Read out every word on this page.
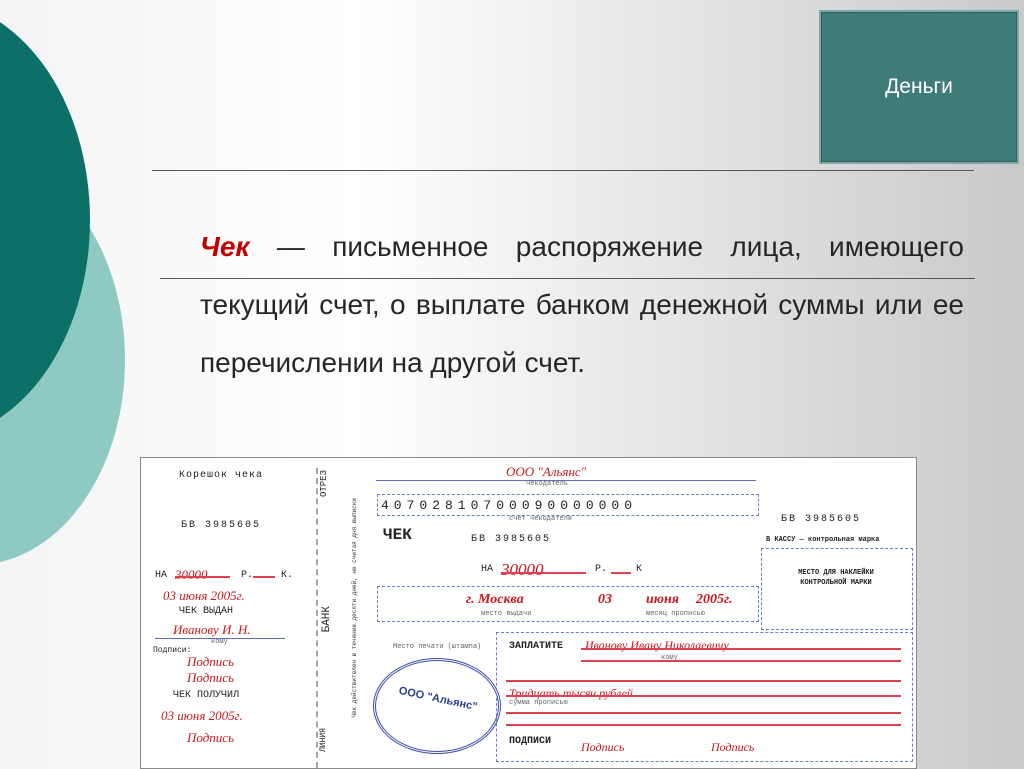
Деньги
Чек — письменное распоряжение лица, имеющего текущий счет, о выплате банком денежной суммы или ее перечислении на другой счет.
Корешок чека
БВ 3985605
НА 30000	Р.	К.
03 июня 2005г.
ЧЕК ВЫДАН
Иванову И. Н.
кому
Подписи:
Подпись
Подпись
ЧЕК ПОЛУЧИЛ
03 июня 2005г.
Подпись
ОТРЕЗ
БАНК
ЛИНИЯ
Чек действителен в течение десяти дней, не считая дня выписки
ООО "Альянс"
чекодатель
40702810700090000000
счет чекодателя
ЧЕК	БВ 3985605
НА 30000	Р.	К
г. Москва	03 июня 2005г.
место выдачи	месяц прописью
Место печати (штампа)
ООО "Альянс"
ЗАПЛАТИТЕ Иванову Ивану Николаевичу
кому
Тридцать тысяч рублей
сумма прописью
ПОДПИСИ Подпись	Подпись
БВ 3985605
В КАССУ — контрольная марка
МЕСТО ДЛЯ НАКЛЕЙКИ КОНТРОЛЬНОЙ МАРКИ
